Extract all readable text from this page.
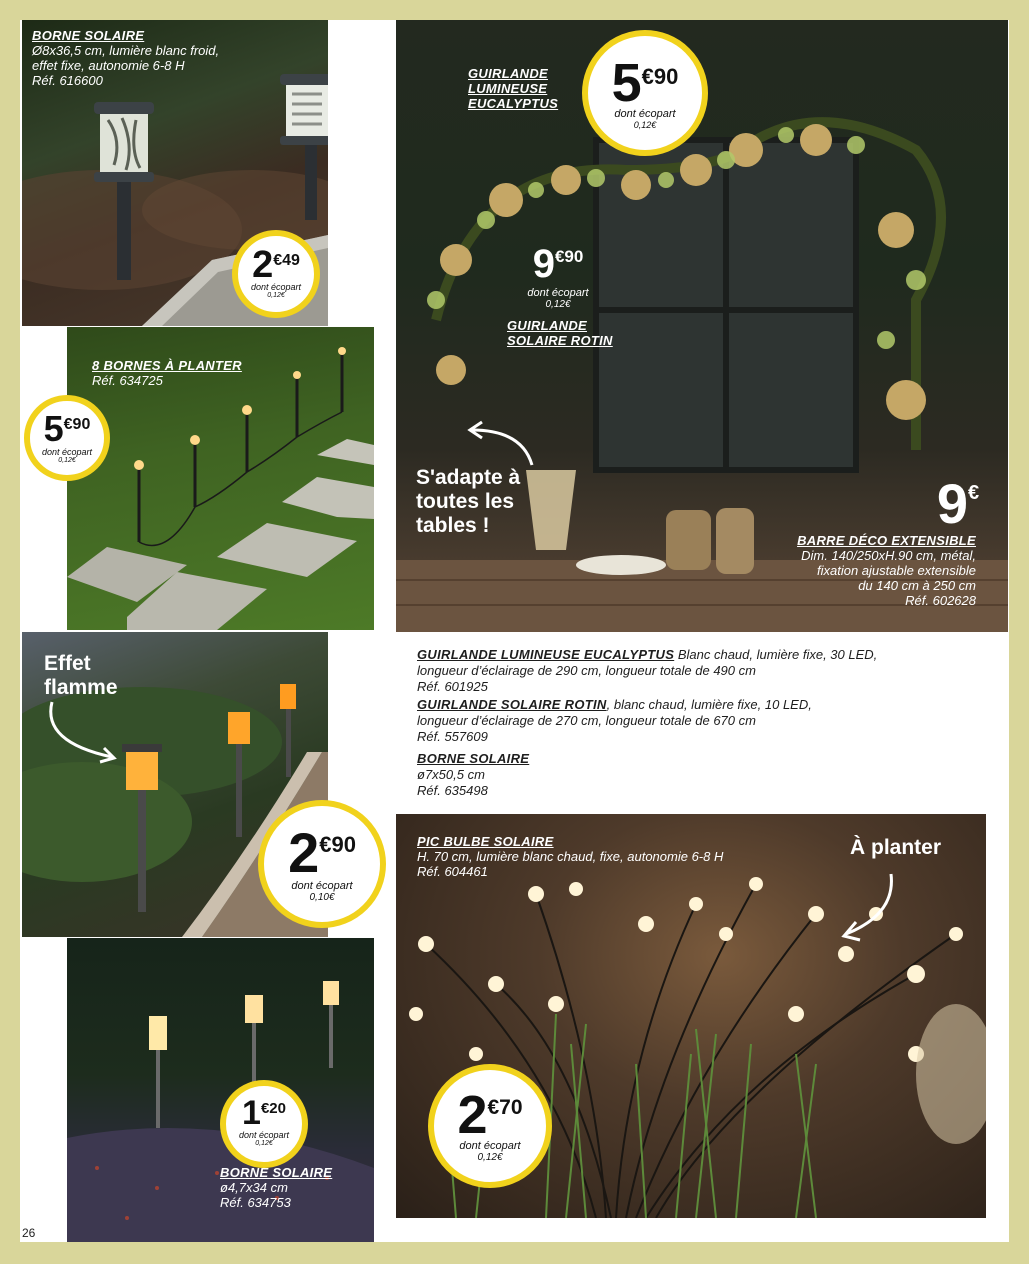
BORNE SOLAIRE
Ø8x36,5 cm, lumière blanc froid,
effet fixe, autonomie 6-8 H
Réf. 616600
2€49
dont écopart
0,12€
8 BORNES À PLANTER
Réf. 634725
5€90
dont écopart
0,12€
Effet flamme
2€90
dont écopart
0,10€
1€20
dont écopart
0,12€
BORNE SOLAIRE
ø4,7x34 cm
Réf. 634753
GUIRLANDE
LUMINEUSE
EUCALYPTUS 5€90
dont écopart
0,12€
9€90
dont écopart
0,12€
GUIRLANDE
SOLAIRE ROTIN
S'adapte à toutes les tables !	9€
BARRE DÉCO EXTENSIBLE
Dim. 140/250xH.90 cm, métal,
fixation ajustable extensible
du 140 cm à 250 cm
Réf. 602628
GUIRLANDE LUMINEUSE EUCALYPTUS Blanc chaud, lumière fixe, 30 LED,
longueur d’éclairage de 290 cm, longueur totale de 490 cm
Réf. 601925
GUIRLANDE SOLAIRE ROTIN, blanc chaud, lumière fixe, 10 LED,
longueur d’éclairage de 270 cm, longueur totale de 670 cm
Réf. 557609
BORNE SOLAIRE
ø7x50,5 cm
Réf. 635498
PIC BULBE SOLAIRE
H. 70 cm, lumière blanc chaud, fixe, autonomie 6-8 H
Réf. 604461
À planter
2€70
dont écopart
0,12€
26
